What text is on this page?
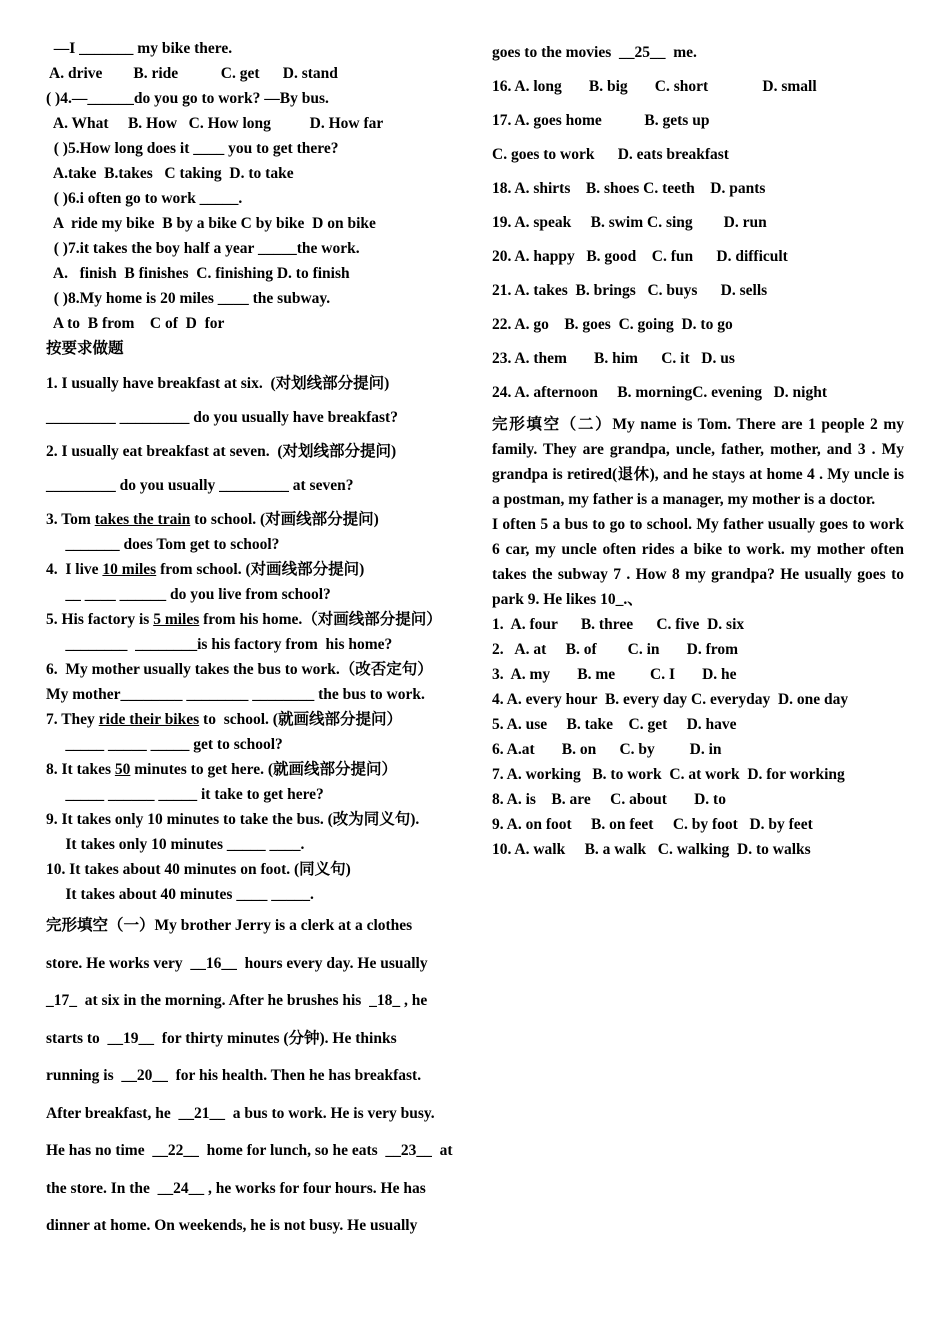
—I _______ my bike there.
A. drive        B. ride           C. get      D. stand
( )4.—______do you go to work? —By bus.
A. What     B. How   C. How long          D. How far
( )5.How long does it ____ you to get there?
A.take  B.takes   C taking  D. to take
( )6.i often go to work _____.
A  ride my bike  B by a bike C by bike  D on bike
( )7.it takes the boy half a year _____the work.
A.   finish  B finishes  C. finishing D. to finish
( )8.My home is 20 miles ____ the subway.
A to  B from    C of  D  for
按要求做题
1. I usually have breakfast at six.  (对划线部分提问)
_________ _________ do you usually have breakfast?
2. I usually eat breakfast at seven.  (对划线部分提问)
_________ do you usually _________ at seven?
3. Tom takes the train to school. (对画线部分提问)
_______ does Tom get to school?
4.  I live 10 miles from school. (对画线部分提问)
__ ____ ______ do you live from school?
5. His factory is 5 miles from his home.（对画线部分提问）
________  ________is his factory from  his home?
6.  My mother usually takes the bus to work.（改否定句）
My mother________ ________ ________ the bus to work.
7. They ride their bikes to  school. (就画线部分提问）
_____ _____ _____ get to school?
8. It takes 50 minutes to get here. (就画线部分提问）
_____ ______ _____ it take to get here?
9. It takes only 10 minutes to take the bus. (改为同义句).
It takes only 10 minutes _____ ____.
10. It takes about 40 minutes on foot. (同义句)
It takes about 40 minutes ____ _____.
完形填空（一）My brother Jerry is a clerk at a clothes
store. He works very  __16__  hours every day. He usually
_17_  at six in the morning. After he brushes his  _18_ , he
starts to  __19__  for thirty minutes (分钟). He thinks
running is  __20__  for his health. Then he has breakfast.
After breakfast, he  __21__  a bus to work. He is very busy.
He has no time  __22__  home for lunch, so he eats  __23__  at
the store. In the  __24__ , he works for four hours. He has
dinner at home. On weekends, he is not busy. He usually
goes to the movies  __25__  me.
16. A. long       B. big       C. short              D. small
17. A. goes home           B. gets up
C. goes to work      D. eats breakfast
18. A. shirts    B. shoes C. teeth    D. pants
19. A. speak     B. swim C. sing        D. run
20. A. happy   B. good    C. fun      D. difficult
21. A. takes  B. brings   C. buys      D. sells
22. A. go    B. goes  C. going  D. to go
23. A. them       B. him      C. it   D. us
24. A. afternoon     B. morningC. evening   D. night
完形填空（二）My name is Tom. There are 1 people 2 my family. They are grandpa, uncle, father, mother, and 3 . My grandpa is retired(退休), and he stays at home 4 . My uncle is a postman, my father is a manager, my mother is a doctor.
I often 5 a bus to go to school. My father usually goes to work 6 car, my uncle often rides a bike to work. my mother often takes the subway 7 . How 8 my grandpa? He usually goes to park 9. He likes 10_.、
1.  A. four      B. three      C. five  D. six
2.   A. at     B. of        C. in       D. from
3.  A. my       B. me         C. I       D. he
4. A. every hour  B. every day C. everyday  D. one day
5. A. use     B. take    C. get     D. have
6. A.at       B. on      C. by         D. in
7. A. working   B. to work  C. at work  D. for working
8. A. is    B. are     C. about       D. to
9. A. on foot     B. on feet     C. by foot   D. by feet
10. A. walk     B. a walk   C. walking  D. to walks
